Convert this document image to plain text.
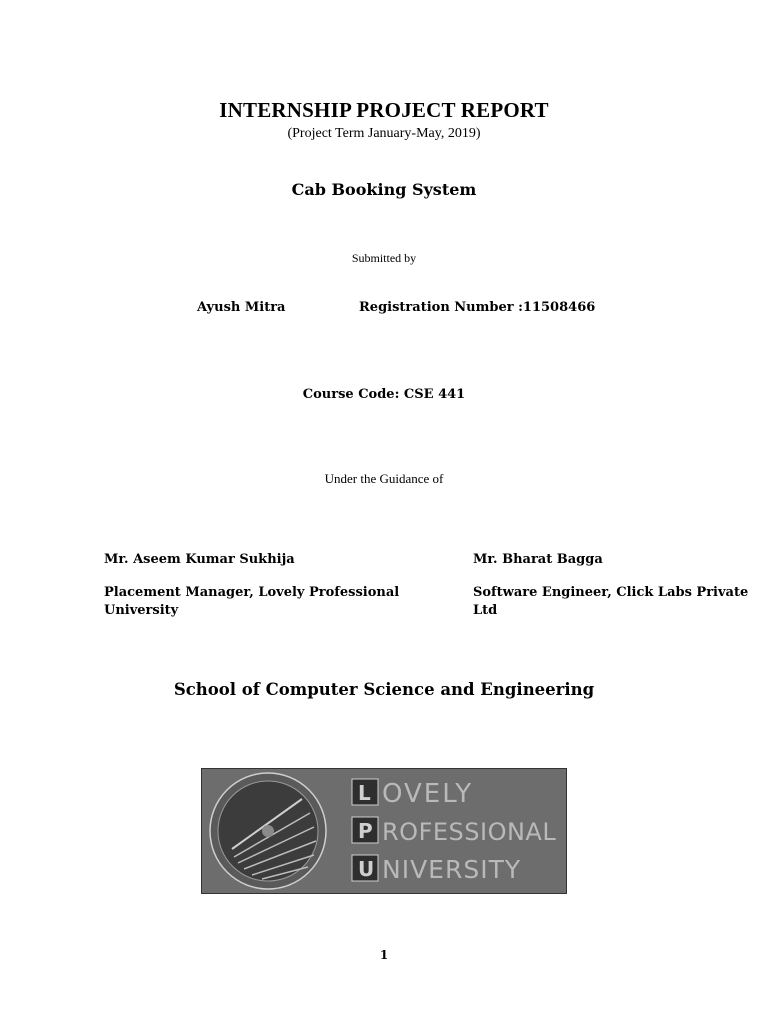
INTERNSHIP PROJECT REPORT
(Project Term January-May, 2019)
Cab Booking System
Submitted by
Ayush Mitra	Registration Number :11508466
Course Code: CSE 441
Under the Guidance of
Mr. Aseem Kumar Sukhija
Placement Manager, Lovely Professional University
Mr. Bharat Bagga
Software Engineer, Click Labs Private Ltd
School of Computer Science and Engineering
L OVELY
P ROFESSIONAL
U NIVERSITY
1
